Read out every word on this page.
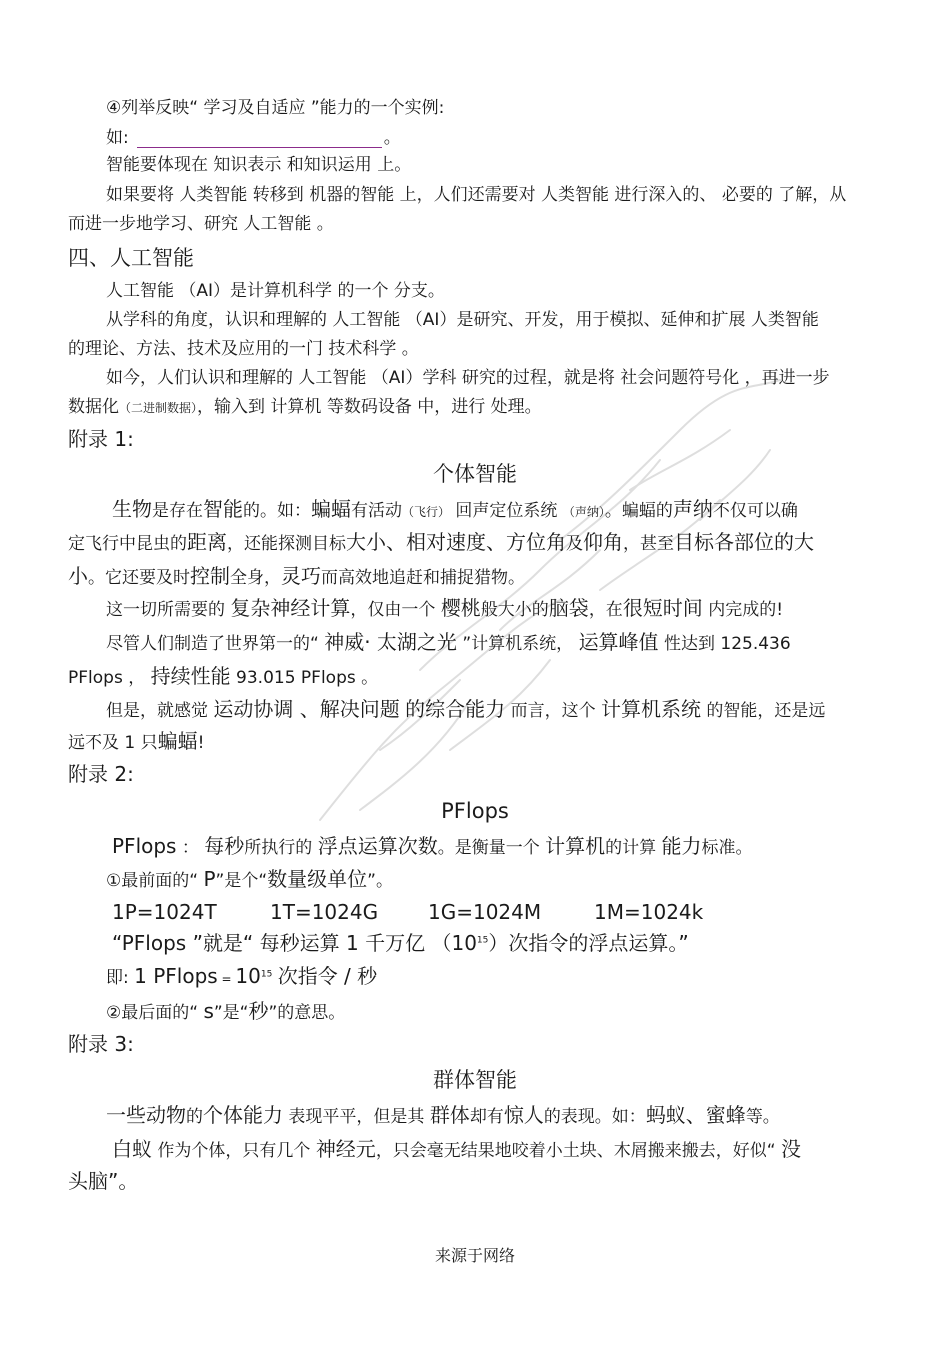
④列举反映“ 学习及自适应 ”能力的一个实例:
如:	。
智能要体现在 知识表示 和知识运用 上。
如果要将 人类智能 转移到 机器的智能 上，人们还需要对 人类智能 进行深入的、 必要的 了解，从
而进一步地学习、研究 人工智能 。
四、人工智能
人工智能 （AI）是计算机科学 的一个 分支。
从学科的角度，认识和理解的 人工智能 （AI）是研究、开发，用于模拟、延伸和扩展 人类智能
的理论、方法、技术及应用的一门 技术科学 。
如今，人们认识和理解的 人工智能 （AI）学科 研究的过程，就是将 社会问题符号化 ，再进一步
数据化（二进制数据），输入到 计算机 等数码设备 中，进行 处理。
附录 1:
个体智能
生物是存在智能的。如：蝙蝠有活动（飞行） 回声定位系统 （声纳）。蝙蝠的声纳不仅可以确
定飞行中昆虫的距离，还能探测目标大小、相对速度、方位角及仰角，甚至目标各部位的大
小。它还要及时控制全身，灵巧而高效地追赶和捕捉猎物。
这一切所需要的 复杂神经计算，仅由一个 樱桃般大小的脑袋，在很短时间 内完成的!
尽管人们制造了世界第一的“ 神威· 太湖之光 ”计算机系统， 运算峰值 性达到 125.436
PFlops ， 持续性能 93.015 PFlops 。
但是，就感觉 运动协调 、解决问题 的综合能力 而言，这个 计算机系统 的智能，还是远
远不及 1 只蝙蝠!
附录 2:
PFlops
PFlops ： 每秒所执行的 浮点运算次数。是衡量一个 计算机的计算 能力标准。
①最前面的“ P”是个“数量级单位”。
1P=1024T	1T=1024G 1G=1024M	1M=1024k
“PFlops ”就是“ 每秒运算 1 千万亿 $(10^{15})$次指令的浮点运算。”
即: 1 PFlops = $10^{15}$ 次指令 / 秒
②最后面的“ s”是“秒”的意思。
附录 3:
群体智能
一些动物的个体能力 表现平平，但是其 群体却有惊人的表现。如：蚂蚁、蜜蜂等。
白蚁 作为个体，只有几个 神经元，只会毫无结果地咬着小土块、木屑搬来搬去，好似“ 没
头脑”。
来源于网络
